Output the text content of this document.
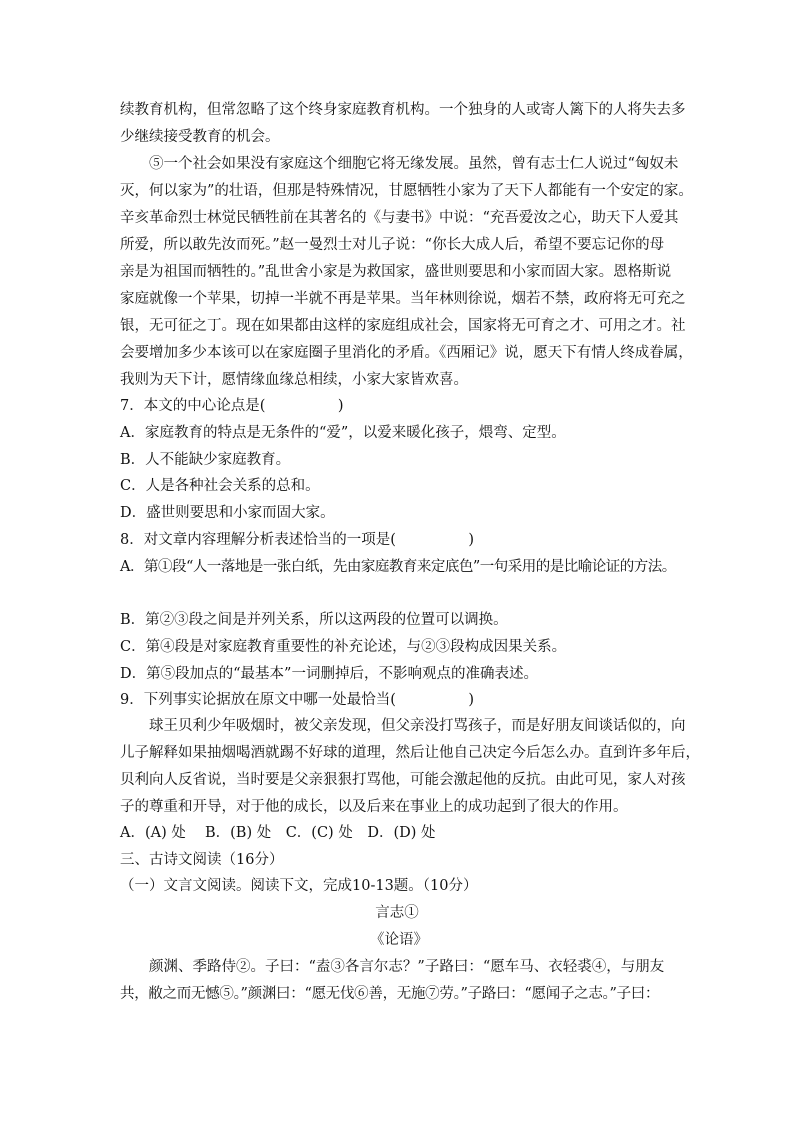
续教育机构，但常忽略了这个终身家庭教育机构。一个独身的人或寄人篱下的人将失去多
少继续接受教育的机会。
⑤一个社会如果没有家庭这个细胞它将无缘发展。虽然，曾有志士仁人说过“匈奴未
灭，何以家为”的壮语，但那是特殊情况，甘愿牺牲小家为了天下人都能有一个安定的家。
辛亥革命烈士林觉民牺牲前在其著名的《与妻书》中说：“充吾爱汝之心，助天下人爱其
所爱，所以敢先汝而死。”赵一曼烈士对儿子说：“你长大成人后，希望不要忘记你的母
亲是为祖国而牺牲的。”乱世舍小家是为救国家，盛世则要思和小家而固大家。恩格斯说
家庭就像一个苹果，切掉一半就不再是苹果。当年林则徐说，烟若不禁，政府将无可充之
银，无可征之丁。现在如果都由这样的家庭组成社会，国家将无可育之才、可用之才。社
会要增加多少本该可以在家庭圈子里消化的矛盾。《西厢记》说，愿天下有情人终成眷属，
我则为天下计，愿情缘血缘总相续，小家大家皆欢喜。
7．本文的中心论点是(　　　　　)
A．家庭教育的特点是无条件的“爱”，以爱来暖化孩子，煨弯、定型。
B．人不能缺少家庭教育。
C．人是各种社会关系的总和。
D．盛世则要思和小家而固大家。
8．对文章内容理解分析表述恰当的一项是(　　　　　)
A．第①段“人一落地是一张白纸，先由家庭教育来定底色”一句采用的是比喻论证的方法。
B．第②③段之间是并列关系，所以这两段的位置可以调换。
C．第④段是对家庭教育重要性的补充论述，与②③段构成因果关系。
D．第⑤段加点的“最基本”一词删掉后，不影响观点的准确表述。
9．下列事实论据放在原文中哪一处最恰当(　　　　　)
球王贝利少年吸烟时，被父亲发现，但父亲没打骂孩子，而是好朋友间谈话似的，向
儿子解释如果抽烟喝酒就踢不好球的道理，然后让他自己决定今后怎么办。直到许多年后，
贝利向人反省说，当时要是父亲狠狠打骂他，可能会激起他的反抗。由此可见，家人对孩
子的尊重和开导，对于他的成长，以及后来在事业上的成功起到了很大的作用。
A．(A) 处　 B．(B) 处　C．(C) 处　D．(D) 处
三、古诗文阅读（16分）
（一）文言文阅读。阅读下文，完成10-13题。（10分）
言志①
《论语》
颜渊、季路侍②。子曰：“盍③各言尔志？”子路曰：“愿车马、衣轻裘④，与朋友
共，敝之而无憾⑤。”颜渊曰：“愿无伐⑥善，无施⑦劳。”子路曰：“愿闻子之志。”子曰：
